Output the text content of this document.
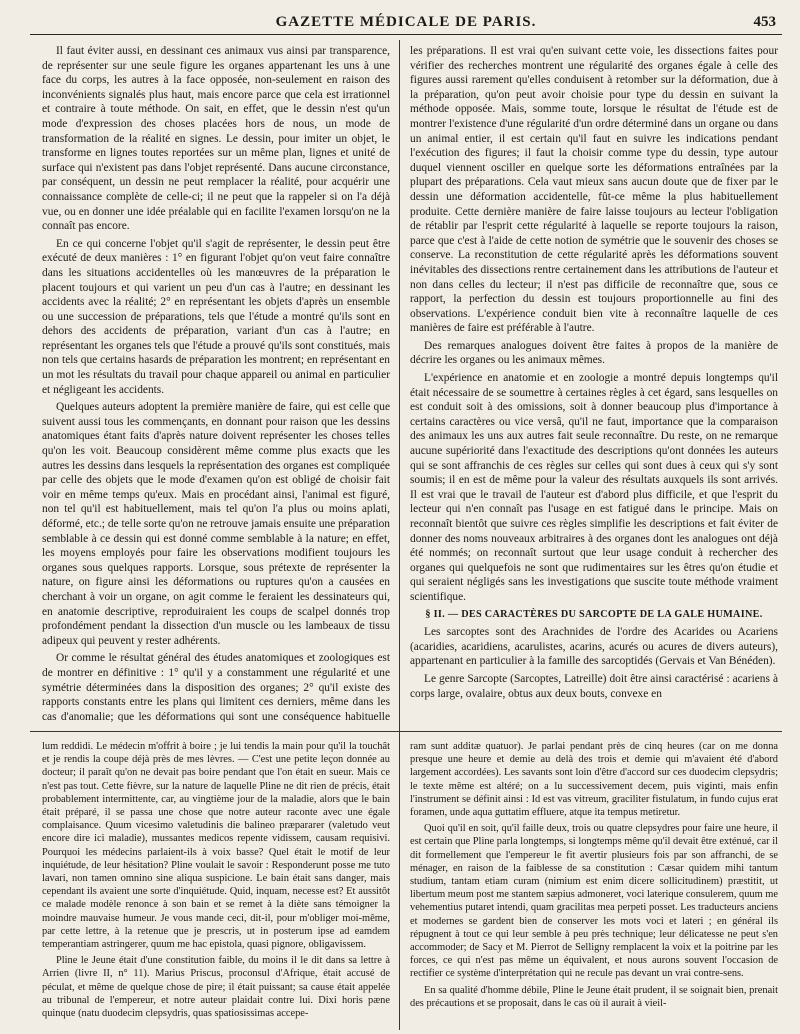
GAZETTE MÉDICALE DE PARIS.	453

Il faut éviter aussi, en dessinant ces animaux vus ainsi par transparence, de représenter sur une seule figure les organes appartenant les uns à une face du corps, les autres à la face opposée, non-seulement en raison des inconvénients signalés plus haut, mais encore parce que cela est irrationnel et contraire à toute méthode. On sait, en effet, que le dessin n'est qu'un mode d'expression des choses placées hors de nous, un mode de transformation de la réalité en signes. Le dessin, pour imiter un objet, le transforme en lignes toutes reportées sur un même plan, lignes et unité de surface qui n'existent pas dans l'objet représenté. Dans aucune circonstance, par conséquent, un dessin ne peut remplacer la réalité, pour acquérir une connaissance complète de celle-ci; il ne peut que la rappeler si on l'a déjà vue, ou en donner une idée préalable qui en facilite l'examen lorsqu'on ne la connaît pas encore.

En ce qui concerne l'objet qu'il s'agit de représenter, le dessin peut être exécuté de deux manières : 1° en figurant l'objet qu'on veut faire connaître dans les situations accidentelles où les manœuvres de la préparation le placent toujours et qui varient un peu d'un cas à l'autre; en dessinant les accidents avec la réalité; 2° en représentant les objets d'après un ensemble ou une succession de préparations, tels que l'étude a montré qu'ils sont en dehors des accidents de préparation, variant d'un cas à l'autre; en représentant les organes tels que l'étude a prouvé qu'ils sont constitués, mais non tels que certains hasards de préparation les montrent; en représentant en un mot les résultats du travail pour chaque appareil ou animal en particulier et négligeant les accidents.

Quelques auteurs adoptent la première manière de faire, qui est celle que suivent aussi tous les commençants, en donnant pour raison que les dessins anatomiques étant faits d'après nature doivent représenter les choses telles qu'on les voit. Beaucoup considèrent même comme plus exacts que les autres les dessins dans lesquels la représentation des organes est compliquée par celle des objets que le mode d'examen qu'on est obligé de choisir fait voir en même temps qu'eux. Mais en procédant ainsi, l'animal est figuré, non tel qu'il est habituellement, mais tel qu'on l'a plus ou moins aplati, déformé, etc.; de telle sorte qu'on ne retrouve jamais ensuite une préparation semblable à ce dessin qui est donné comme semblable à la nature; en effet, les moyens employés pour faire les observations modifient toujours les organes sous quelques rapports. Lorsque, sous prétexte de représenter la nature, on figure ainsi les déformations ou ruptures qu'on a causées en cherchant à voir un organe, on agit comme le feraient les dessinateurs qui, en anatomie descriptive, reproduiraient les coups de scalpel donnés trop profondément pendant la dissection d'un muscle ou les lambeaux de tissu adipeux qui peuvent y rester adhérents.

Or comme le résultat général des études anatomiques et zoologiques est de montrer en définitive : 1° qu'il y a constamment une régularité et une symétrie déterminées dans la disposition des organes; 2° qu'il existe des rapports constants entre les plans qui limitent ces derniers, même dans les cas d'anomalie; que les déformations qui sont une conséquence habituelle

les préparations. Il est vrai qu'en suivant cette voie, les dissections faites pour vérifier des recherches montrent une régularité des organes égale à celle des figures aussi rarement qu'elles conduisent à retomber sur la déformation, due à la préparation, qu'on peut avoir choisie pour type du dessin en suivant la méthode opposée. Mais, somme toute, lorsque le résultat de l'étude est de montrer l'existence d'une régularité d'un ordre déterminé dans un organe ou dans un animal entier, il est certain qu'il faut en suivre les indications pendant l'exécution des figures; il faut la choisir comme type du dessin, type autour duquel viennent osciller en quelque sorte les déformations entraînées par la plupart des préparations. Cela vaut mieux sans aucun doute que de fixer par le dessin une déformation accidentelle, fût-ce même la plus habituellement produite. Cette dernière manière de faire laisse toujours au lecteur l'obligation de rétablir par l'esprit cette régularité à laquelle se reporte toujours la raison, parce que c'est à l'aide de cette notion de symétrie que le souvenir des choses se conserve. La reconstitution de cette régularité après les déformations souvent inévitables des dissections rentre certainement dans les attributions de l'auteur et non dans celles du lecteur; il n'est pas difficile de reconnaître que, sous ce rapport, la perfection du dessin est toujours proportionnelle au fini des observations. L'expérience conduit bien vite à reconnaître laquelle de ces manières de faire est préférable à l'autre.

Des remarques analogues doivent être faites à propos de la manière de décrire les organes ou les animaux mêmes.

L'expérience en anatomie et en zoologie a montré depuis longtemps qu'il était nécessaire de se soumettre à certaines règles à cet égard, sans lesquelles on est conduit soit à des omissions, soit à donner beaucoup plus d'importance à certains caractères ou vice versâ, qu'il ne faut, importance que la comparaison des animaux les uns aux autres fait seule reconnaître. Du reste, on ne remarque aucune supériorité dans l'exactitude des descriptions qu'ont données les auteurs qui se sont affranchis de ces règles sur celles qui sont dues à ceux qui s'y sont soumis; il en est de même pour la valeur des résultats auxquels ils sont arrivés. Il est vrai que le travail de l'auteur est d'abord plus difficile, et que l'esprit du lecteur qui n'en connaît pas l'usage en est fatigué dans le principe. Mais on reconnaît bientôt que suivre ces règles simplifie les descriptions et fait éviter de donner des noms nouveaux arbitraires à des organes dont les analogues ont déjà été nommés; on reconnaît surtout que leur usage conduit à rechercher des organes qui quelquefois ne sont que rudimentaires sur les êtres qu'on étudie et qui seraient négligés sans les investigations que suscite toute méthode vraiment scientifique.

§ II. — DES CARACTÈRES DU SARCOPTE DE LA GALE HUMAINE.

Les sarcoptes sont des Arachnides de l'ordre des Acarides ou Acariens (acaridies, acaridiens, acarulistes, acarins, acurés ou acures de divers auteurs), appartenant en particulier à la famille des sarcoptidés (Gervais et Van Bénéden).

Le genre Sarcopte (Sarcoptes, Latreille) doit être ainsi caractérisé : acariens à corps large, ovalaire, obtus aux deux bouts, convexe en

lum reddidi. Le médecin m'offrit à boire ; je lui tendis la main pour qu'il la touchât et je rendis la coupe déjà près de mes lèvres. — C'est une petite leçon donnée au docteur; il paraît qu'on ne devait pas boire pendant que l'on était en sueur. Mais ce n'est pas tout. Cette fièvre, sur la nature de laquelle Pline ne dit rien de précis, était probablement intermittente, car, au vingtième jour de la maladie, alors que le bain était préparé, il se passa une chose que notre auteur raconte avec une égale complaisance. Quum vicesimo valetudinis die balineo præpararer (valetudo veut encore dire ici maladie), mussantes medicos repente vidissem, causam requisivi. Pourquoi les médecins parlaient-ils à voix basse? Quel était le motif de leur inquiétude, de leur hésitation? Pline voulait le savoir : Responderunt posse me tuto lavari, non tamen omnino sine aliqua suspicione. Le bain était sans danger, mais cependant ils avaient une sorte d'inquiétude. Quid, inquam, necesse est? Et aussitôt ce malade modèle renonce à son bain et se remet à la diète sans témoigner la moindre mauvaise humeur. Je vous mande ceci, dit-il, pour m'obliger moi-même, par cette lettre, à la retenue que je prescris, ut in posterum ipse ad eamdem temperantiam astringerer, quum me hac epistola, quasi pignore, obligavissem.

Pline le Jeune était d'une constitution faible, du moins il le dit dans sa lettre à Arrien (livre II, n° 11). Marius Priscus, proconsul d'Afrique, était accusé de péculat, et même de quelque chose de pire; il était puissant; sa cause était appelée au tribunal de l'empereur, et notre auteur plaidait contre lui. Dixi horis pæne quinque (natu duodecim clepsydris, quas spatiosissimas accepe-

ram sunt additæ quatuor). Je parlai pendant près de cinq heures (car on me donna presque une heure et demie au delà des trois et demie qui m'avaient été d'abord largement accordées). Les savants sont loin d'être d'accord sur ces duodecim clepsydris; le texte même est altéré; on a lu successivement decem, puis viginti, mais enfin l'instrument se définit ainsi : Id est vas vitreum, graciliter fistulatum, in fundo cujus erat foramen, unde aqua guttatim effluere, atque ita tempus metiretur.

Quoi qu'il en soit, qu'il faille deux, trois ou quatre clepsydres pour faire une heure, il est certain que Pline parla longtemps, si longtemps même qu'il devait être exténué, car il dit formellement que l'empereur le fit avertir plusieurs fois par son affranchi, de se ménager, en raison de la faiblesse de sa constitution : Cæsar quidem mihi tantum studium, tantam etiam curam (nimium est enim dicere sollicitudinem) præstitit, ut libertum meum post me stantem sæpius admoneret, voci laterique consulerem, quum me vehementius putaret intendi, quam gracilitas mea perpeti posset. Les traducteurs anciens et modernes se gardent bien de conserver les mots voci et lateri ; en général ils répugnent à tout ce qui leur semble à peu près technique; leur délicatesse ne peut s'en accommoder; de Sacy et M. Pierrot de Selligny remplacent la voix et la poitrine par les forces, ce qui n'est pas même un équivalent, et nous aurons souvent l'occasion de rectifier ce système d'interprétation qui ne recule pas devant un vrai contre-sens.

En sa qualité d'homme débile, Pline le Jeune était prudent, il se soignait bien, prenait des précautions et se proposait, dans le cas où il aurait à vieil-
